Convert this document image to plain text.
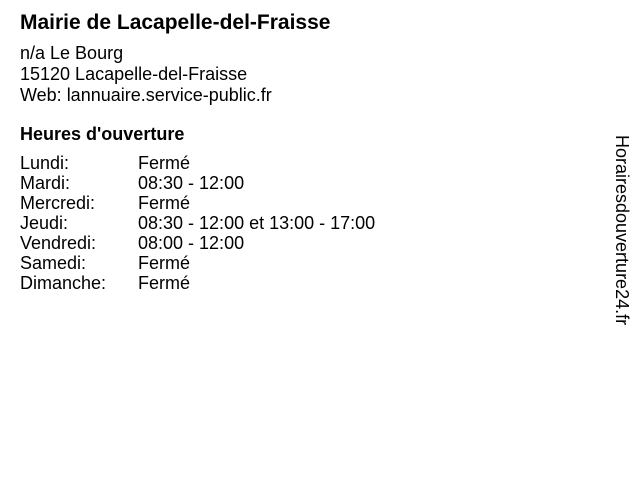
Mairie de Lacapelle-del-Fraisse
n/a Le Bourg
15120 Lacapelle-del-Fraisse
Web: lannuaire.service-public.fr
Heures d'ouverture
Lundi:	Fermé
Mardi:	08:30 - 12:00
Mercredi: Fermé
Jeudi:	08:30 - 12:00 et 13:00 - 17:00
Vendredi: 08:00 - 12:00
Samedi:	Fermé
Dimanche: Fermé	Horairesdouverture24.fr
